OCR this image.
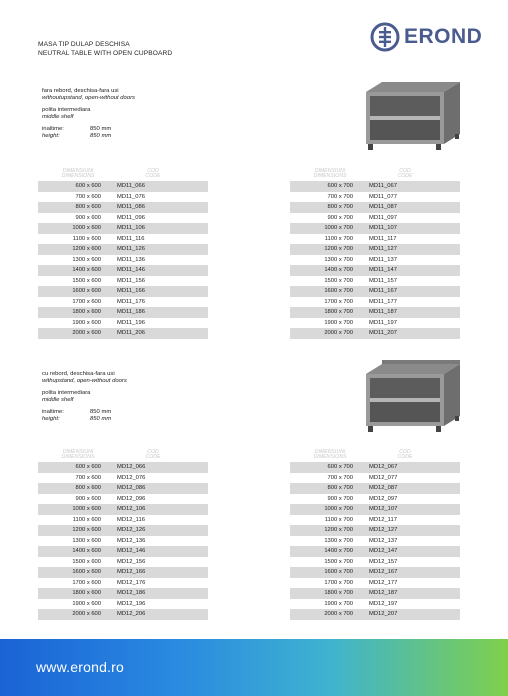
EROND
MASA TIP DULAP DESCHISA
NEUTRAL TABLE WITH OPEN CUPBOARD
fara rebord, deschisa-fara usi
withoutupstand, open-without doors
polita intermediara
middle shelf
inaltime:	850 mm
height:	850 mm
DIMENSIUNI
DIMENSIONS
COD
CODE
600 x 600	MD11_066
700 x 600	MD11_076
800 x 600	MD11_086
900 x 600	MD11_096
1000 x 600	MD11_106
1100 x 600	MD11_116
1200 x 600	MD11_126
1300 x 600	MD11_136
1400 x 600	MD11_146
1500 x 600	MD11_156
1600 x 600	MD11_166
1700 x 600	MD11_176
1800 x 600	MD11_186
1900 x 600	MD11_196
2000 x 600	MD11_206
DIMENSIUNI
DIMENSIONS
COD
CODE
600 x 700	MD11_067
700 x 700	MD11_077
800 x 700	MD11_087
900 x 700	MD11_097
1000 x 700	MD11_107
1100 x 700	MD11_117
1200 x 700	MD11_127
1300 x 700	MD11_137
1400 x 700	MD11_147
1500 x 700	MD11_157
1600 x 700	MD11_167
1700 x 700	MD11_177
1800 x 700	MD11_187
1900 x 700	MD11_197
2000 x 700	MD11_207
cu rebord, deschisa-fara usi
withupstand, open-without doors
polita intermediara
middle shelf
inaltime:	850 mm
height:	850 mm
DIMENSIUNI
DIMENSIONS
COD
CODE
600 x 600	MD12_066
700 x 600	MD12_076
800 x 600	MD12_086
900 x 600	MD12_096
1000 x 600	MD12_106
1100 x 600	MD12_116
1200 x 600	MD12_126
1300 x 600	MD12_136
1400 x 600	MD12_146
1500 x 600	MD12_156
1600 x 600	MD12_166
1700 x 600	MD12_176
1800 x 600	MD12_186
1900 x 600	MD12_196
2000 x 600	MD12_206
DIMENSIUNI
DIMENSIONS
COD
CODE
600 x 700	MD12_067
700 x 700	MD12_077
800 x 700	MD12_087
900 x 700	MD12_097
1000 x 700	MD12_107
1100 x 700	MD12_117
1200 x 700	MD12_127
1300 x 700	MD12_137
1400 x 700	MD12_147
1500 x 700	MD12_157
1600 x 700	MD12_167
1700 x 700	MD12_177
1800 x 700	MD12_187
1900 x 700	MD12_197
2000 x 700	MD12_207
www.erond.ro
